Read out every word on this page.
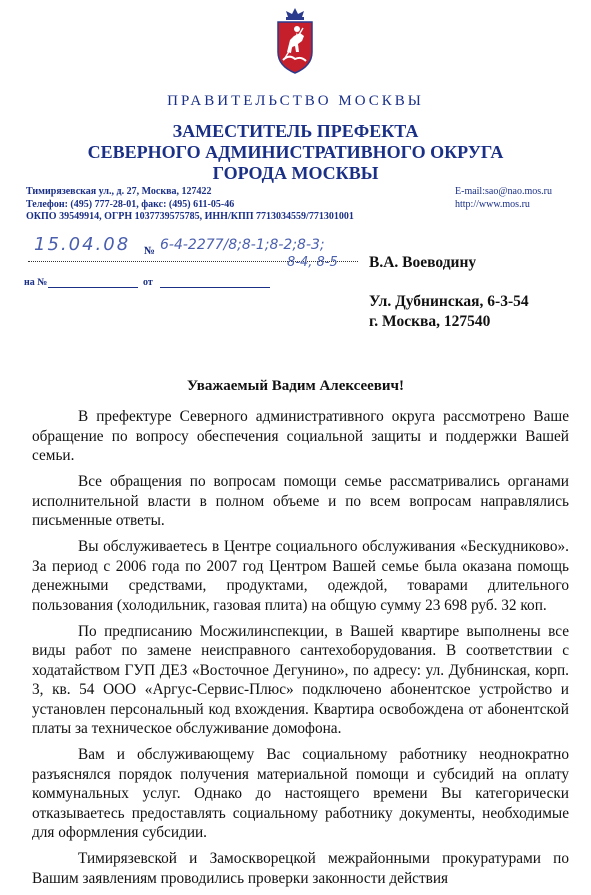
ПРАВИТЕЛЬСТВО МОСКВЫ
ЗАМЕСТИТЕЛЬ ПРЕФЕКТА
СЕВЕРНОГО АДМИНИСТРАТИВНОГО ОКРУГА
ГОРОДА МОСКВЫ
Тимирязевская ул., д. 27, Москва, 127422
Телефон: (495) 777-28-01, факс: (495) 611-05-46
ОКПО 39549914, ОГРН 1037739575785, ИНН/КПП 7713034559/771301001
E-mail:sao@nao.mos.ru
http://www.mos.ru
15.04.08 № 6-4-2277/8;8-1;8-2;8-3;
8-4, 8-5
на №	от
В.А. Воеводину
Ул. Дубнинская, 6-3-54
г. Москва, 127540
Уважаемый Вадим Алексеевич!

В префектуре Северного административного округа рассмотрено Ваше обращение по вопросу обеспечения социальной защиты и поддержки Вашей семьи.

Все обращения по вопросам помощи семье рассматривались органами исполнительной власти в полном объеме и по всем вопросам направлялись письменные ответы.

Вы обслуживаетесь в Центре социального обслуживания «Бескудниково». За период с 2006 года по 2007 год Центром Вашей семье была оказана помощь денежными средствами, продуктами, одеждой, товарами длительного пользования (холодильник, газовая плита) на общую сумму 23 698 руб. 32 коп.

По предписанию Мосжилинспекции, в Вашей квартире выполнены все виды работ по замене неисправного сантехоборудования. В соответствии с ходатайством ГУП ДЕЗ «Восточное Дегунино», по адресу: ул. Дубнинская, корп. 3, кв. 54 ООО «Аргус-Сервис-Плюс» подключено абонентское устройство и установлен персональный код вхождения. Квартира освобождена от абонентской платы за техническое обслуживание домофона.

Вам и обслуживающему Вас социальному работнику неоднократно разъяснялся порядок получения материальной помощи и субсидий на оплату коммунальных услуг. Однако до настоящего времени Вы категорически отказываетесь предоставлять социальному работнику документы, необходимые для оформления субсидии.

Тимирязевской и Замоскворецкой межрайонными прокуратурами по Вашим заявлениям проводились проверки законности действия
